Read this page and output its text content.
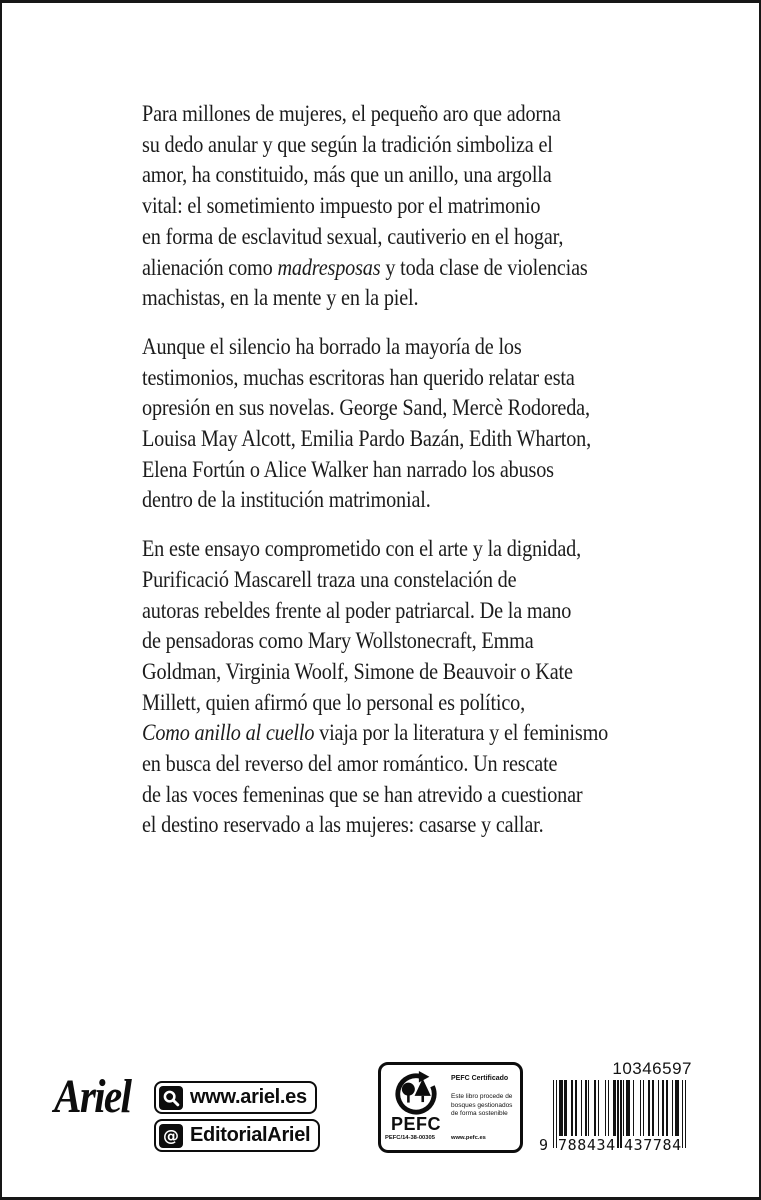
Para millones de mujeres, el pequeño aro que adorna
su dedo anular y que según la tradición simboliza el
amor, ha constituido, más que un anillo, una argolla
vital: el sometimiento impuesto por el matrimonio
en forma de esclavitud sexual, cautiverio en el hogar,
alienación como madresposas y toda clase de violencias
machistas, en la mente y en la piel.

Aunque el silencio ha borrado la mayoría de los
testimonios, muchas escritoras han querido relatar esta
opresión en sus novelas. George Sand, Mercè Rodoreda,
Louisa May Alcott, Emilia Pardo Bazán, Edith Wharton,
Elena Fortún o Alice Walker han narrado los abusos
dentro de la institución matrimonial.

En este ensayo comprometido con el arte y la dignidad,
Purificació Mascarell traza una constelación de
autoras rebeldes frente al poder patriarcal. De la mano
de pensadoras como Mary Wollstonecraft, Emma
Goldman, Virginia Woolf, Simone de Beauvoir o Kate
Millett, quien afirmó que lo personal es político,
Como anillo al cuello viaja por la literatura y el feminismo
en busca del reverso del amor romántico. Un rescate
de las voces femeninas que se han atrevido a cuestionar
el destino reservado a las mujeres: casarse y callar.

Ariel	www.ariel.es
@ EditorialAriel	PEFC
PEFC/14-38-00305
PEFC Certificado
Este libro procede de bosques gestionados de forma sostenible
www.pefc.es
10346597
9 788434 437784
